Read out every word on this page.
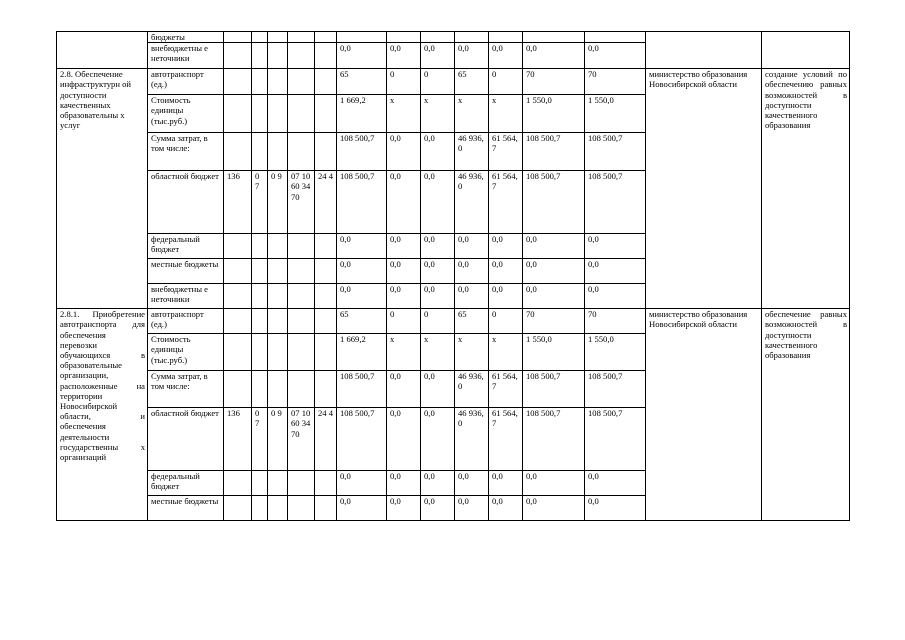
	бюджеты														
	внебюджетны е неточники						0,0	0,0	0,0	0,0	0,0	0,0	0,0		
2.8. Обеспечение инфраструктурн ой доступности качественных образовательны х услуг	автотранспорт (ед.)						65	0	0	65	0	70	70	министерство образования Новосибирской области	создание условий по обеспечению равных возможностей в доступности качественного образования
	Стоимость единицы (тыс.руб.)						1 669,2	х	х	х	х	1 550,0	1 550,0		
	Сумма затрат, в том числе:						108 500,7	0,0	0,0	46 936, 0	61 564, 7	108 500,7	108 500,7		
	областной бюджет	136	0 7	0 9	07 10 60 34 70	24 4	108 500,7	0,0	0,0	46 936, 0	61 564, 7	108 500,7	108 500,7		
	федеральный бюджет						0,0	0,0	0,0	0,0	0,0	0,0	0,0		
	местные бюджеты						0,0	0,0	0,0	0,0	0,0	0,0	0,0		
	внебюджетны е неточники						0,0	0,0	0,0	0,0	0,0	0,0	0,0		
2.8.1. Приобретение автотранспорта для обеспечения перевозки обучающихся в образовательные организации, расположенные на территории Новосибирской области, и обеспечения деятельности государственны х организаций	автотранспорт (ед.)						65	0	0	65	0	70	70	министерство образования Новосибирской области	обеспечение равных возможностей в доступности качественного образования
	Стоимость единицы (тыс.руб.)						1 669,2	х	х	х	х	1 550,0	1 550,0		
	Сумма затрат, в том числе:						108 500,7	0,0	0,0	46 936, 0	61 564, 7	108 500,7	108 500,7		
	областной бюджет	136	0 7	0 9	07 10 60 34 70	24 4	108 500,7	0,0	0,0	46 936, 0	61 564, 7	108 500,7	108 500,7		
	федеральный бюджет						0,0	0,0	0,0	0,0	0,0	0,0	0,0		
	местные бюджеты						0,0	0,0	0,0	0,0	0,0	0,0	0,0		
